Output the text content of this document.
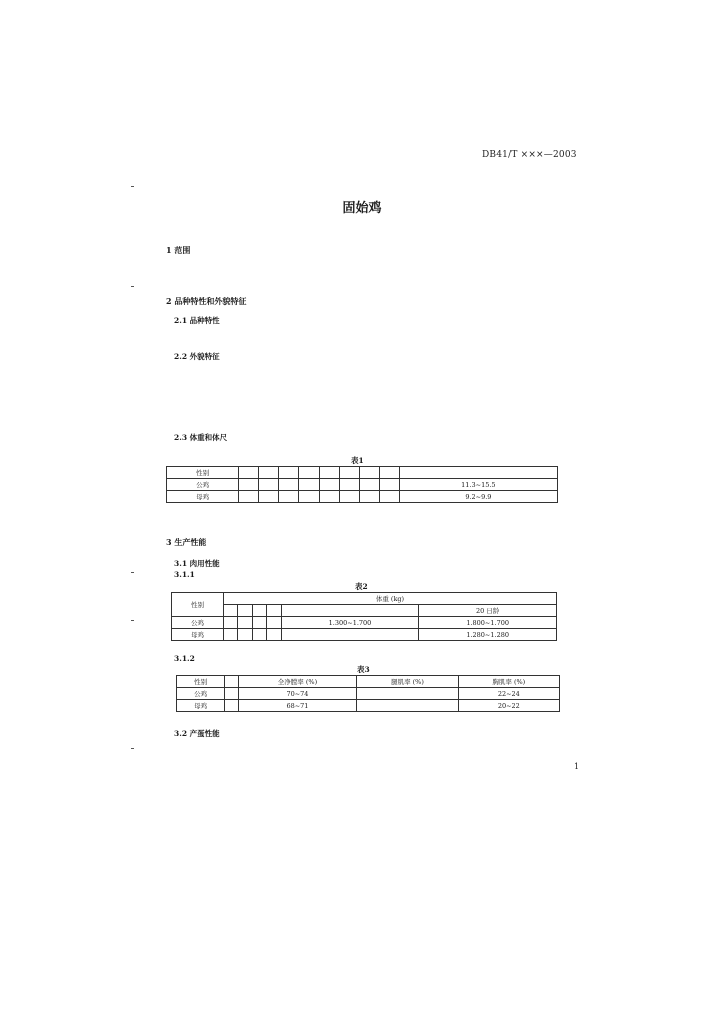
DB41/T ×××—2003
固始鸡
1 范围
2 品种特性和外貌特征
2.1 品种特性
2.2 外貌特征
2.3 体重和体尺
表1
性别									
公鸡									11.3~15.5
母鸡									9.2~9.9
3 生产性能
3.1 肉用性能
3.1.1
表2
性别	体重 (kg)					
						20 日龄
公鸡					1.300~1.700	1.800~1.700
母鸡						1.280~1.280
3.1.2
表3
性别		全净膛率 (%)	腿肌率 (%)	胸肌率 (%)
公鸡		70~74		22~24
母鸡		68~71		20~22
3.2 产蛋性能
1
